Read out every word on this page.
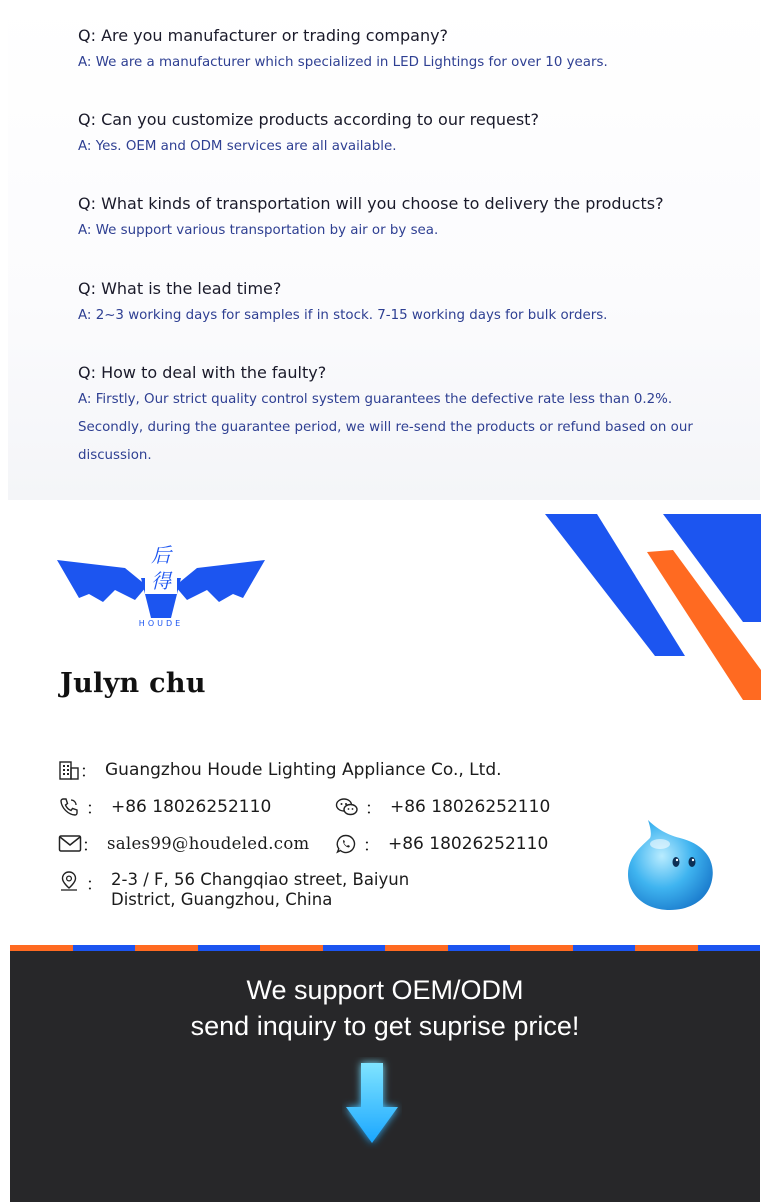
Q: Are you manufacturer or trading company?
A: We are a manufacturer which specialized in LED Lightings for over 10 years.
Q: Can you customize products according to our request?
A: Yes. OEM and ODM services are all available.
Q: What kinds of transportation will you choose to delivery the products?
A: We support various transportation by air or by sea.
Q: What is the lead time?
A: 2~3 working days for samples if in stock. 7-15 working days for bulk orders.
Q: How to deal with the faulty?
A: Firstly, Our strict quality control system guarantees the defective rate less than 0.2%. Secondly, during the guarantee period, we will re-send the products or refund based on our discussion.
后
得
HOUDE
Julyn chu
： Guangzhou Houde Lighting Appliance Co., Ltd.
： +86 18026252110	： +86 18026252110
： sales99@houdeled.com	： +86 18026252110
： 2-3 / F, 56 Changqiao street, Baiyun District, Guangzhou, China
We support OEM/ODM
send inquiry to get suprise price!
